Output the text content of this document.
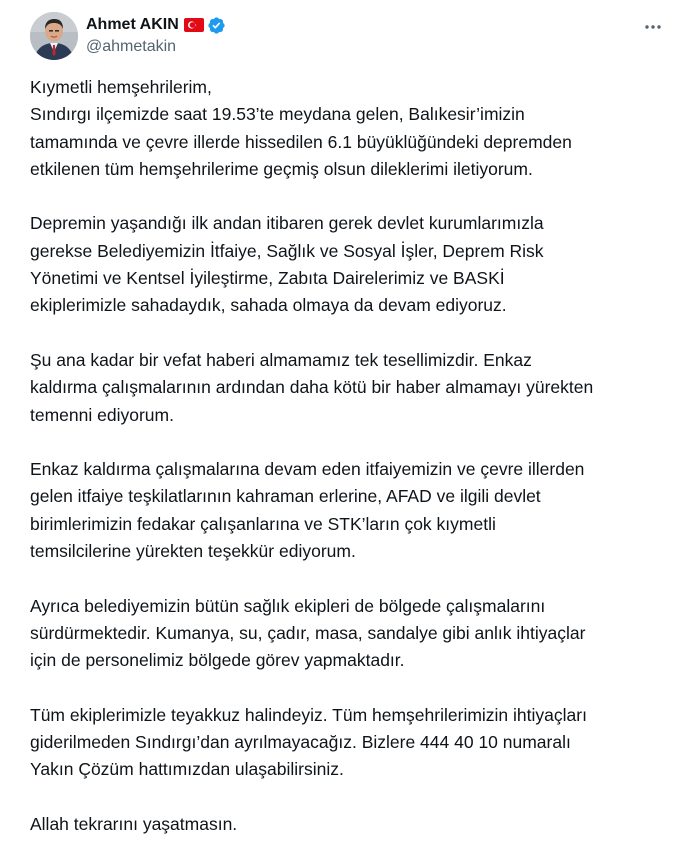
Ahmet AKIN
@ahmetakin

Kıymetli hemşehrilerim,
Sındırgı ilçemizde saat 19.53’te meydana gelen, Balıkesir’imizin
tamamında ve çevre illerde hissedilen 6.1 büyüklüğündeki depremden
etkilenen tüm hemşehrilerime geçmiş olsun dileklerimi iletiyorum.

Depremin yaşandığı ilk andan itibaren gerek devlet kurumlarımızla
gerekse Belediyemizin İtfaiye, Sağlık ve Sosyal İşler, Deprem Risk
Yönetimi ve Kentsel İyileştirme, Zabıta Dairelerimiz ve BASKİ
ekiplerimizle sahadaydık, sahada olmaya da devam ediyoruz.

Şu ana kadar bir vefat haberi almamamız tek tesellimizdir. Enkaz
kaldırma çalışmalarının ardından daha kötü bir haber almamayı yürekten
temenni ediyorum.

Enkaz kaldırma çalışmalarına devam eden itfaiyemizin ve çevre illerden
gelen itfaiye teşkilatlarının kahraman erlerine, AFAD ve ilgili devlet
birimlerimizin fedakar çalışanlarına ve STK’ların çok kıymetli
temsilcilerine yürekten teşekkür ediyorum.

Ayrıca belediyemizin bütün sağlık ekipleri de bölgede çalışmalarını
sürdürmektedir. Kumanya, su, çadır, masa, sandalye gibi anlık ihtiyaçlar
için de personelimiz bölgede görev yapmaktadır.

Tüm ekiplerimizle teyakkuz halindeyiz. Tüm hemşehrilerimizin ihtiyaçları
giderilmeden Sındırgı’dan ayrılmayacağız. Bizlere 444 40 10 numaralı
Yakın Çözüm hattımızdan ulaşabilirsiniz.

Allah tekrarını yaşatmasın.
